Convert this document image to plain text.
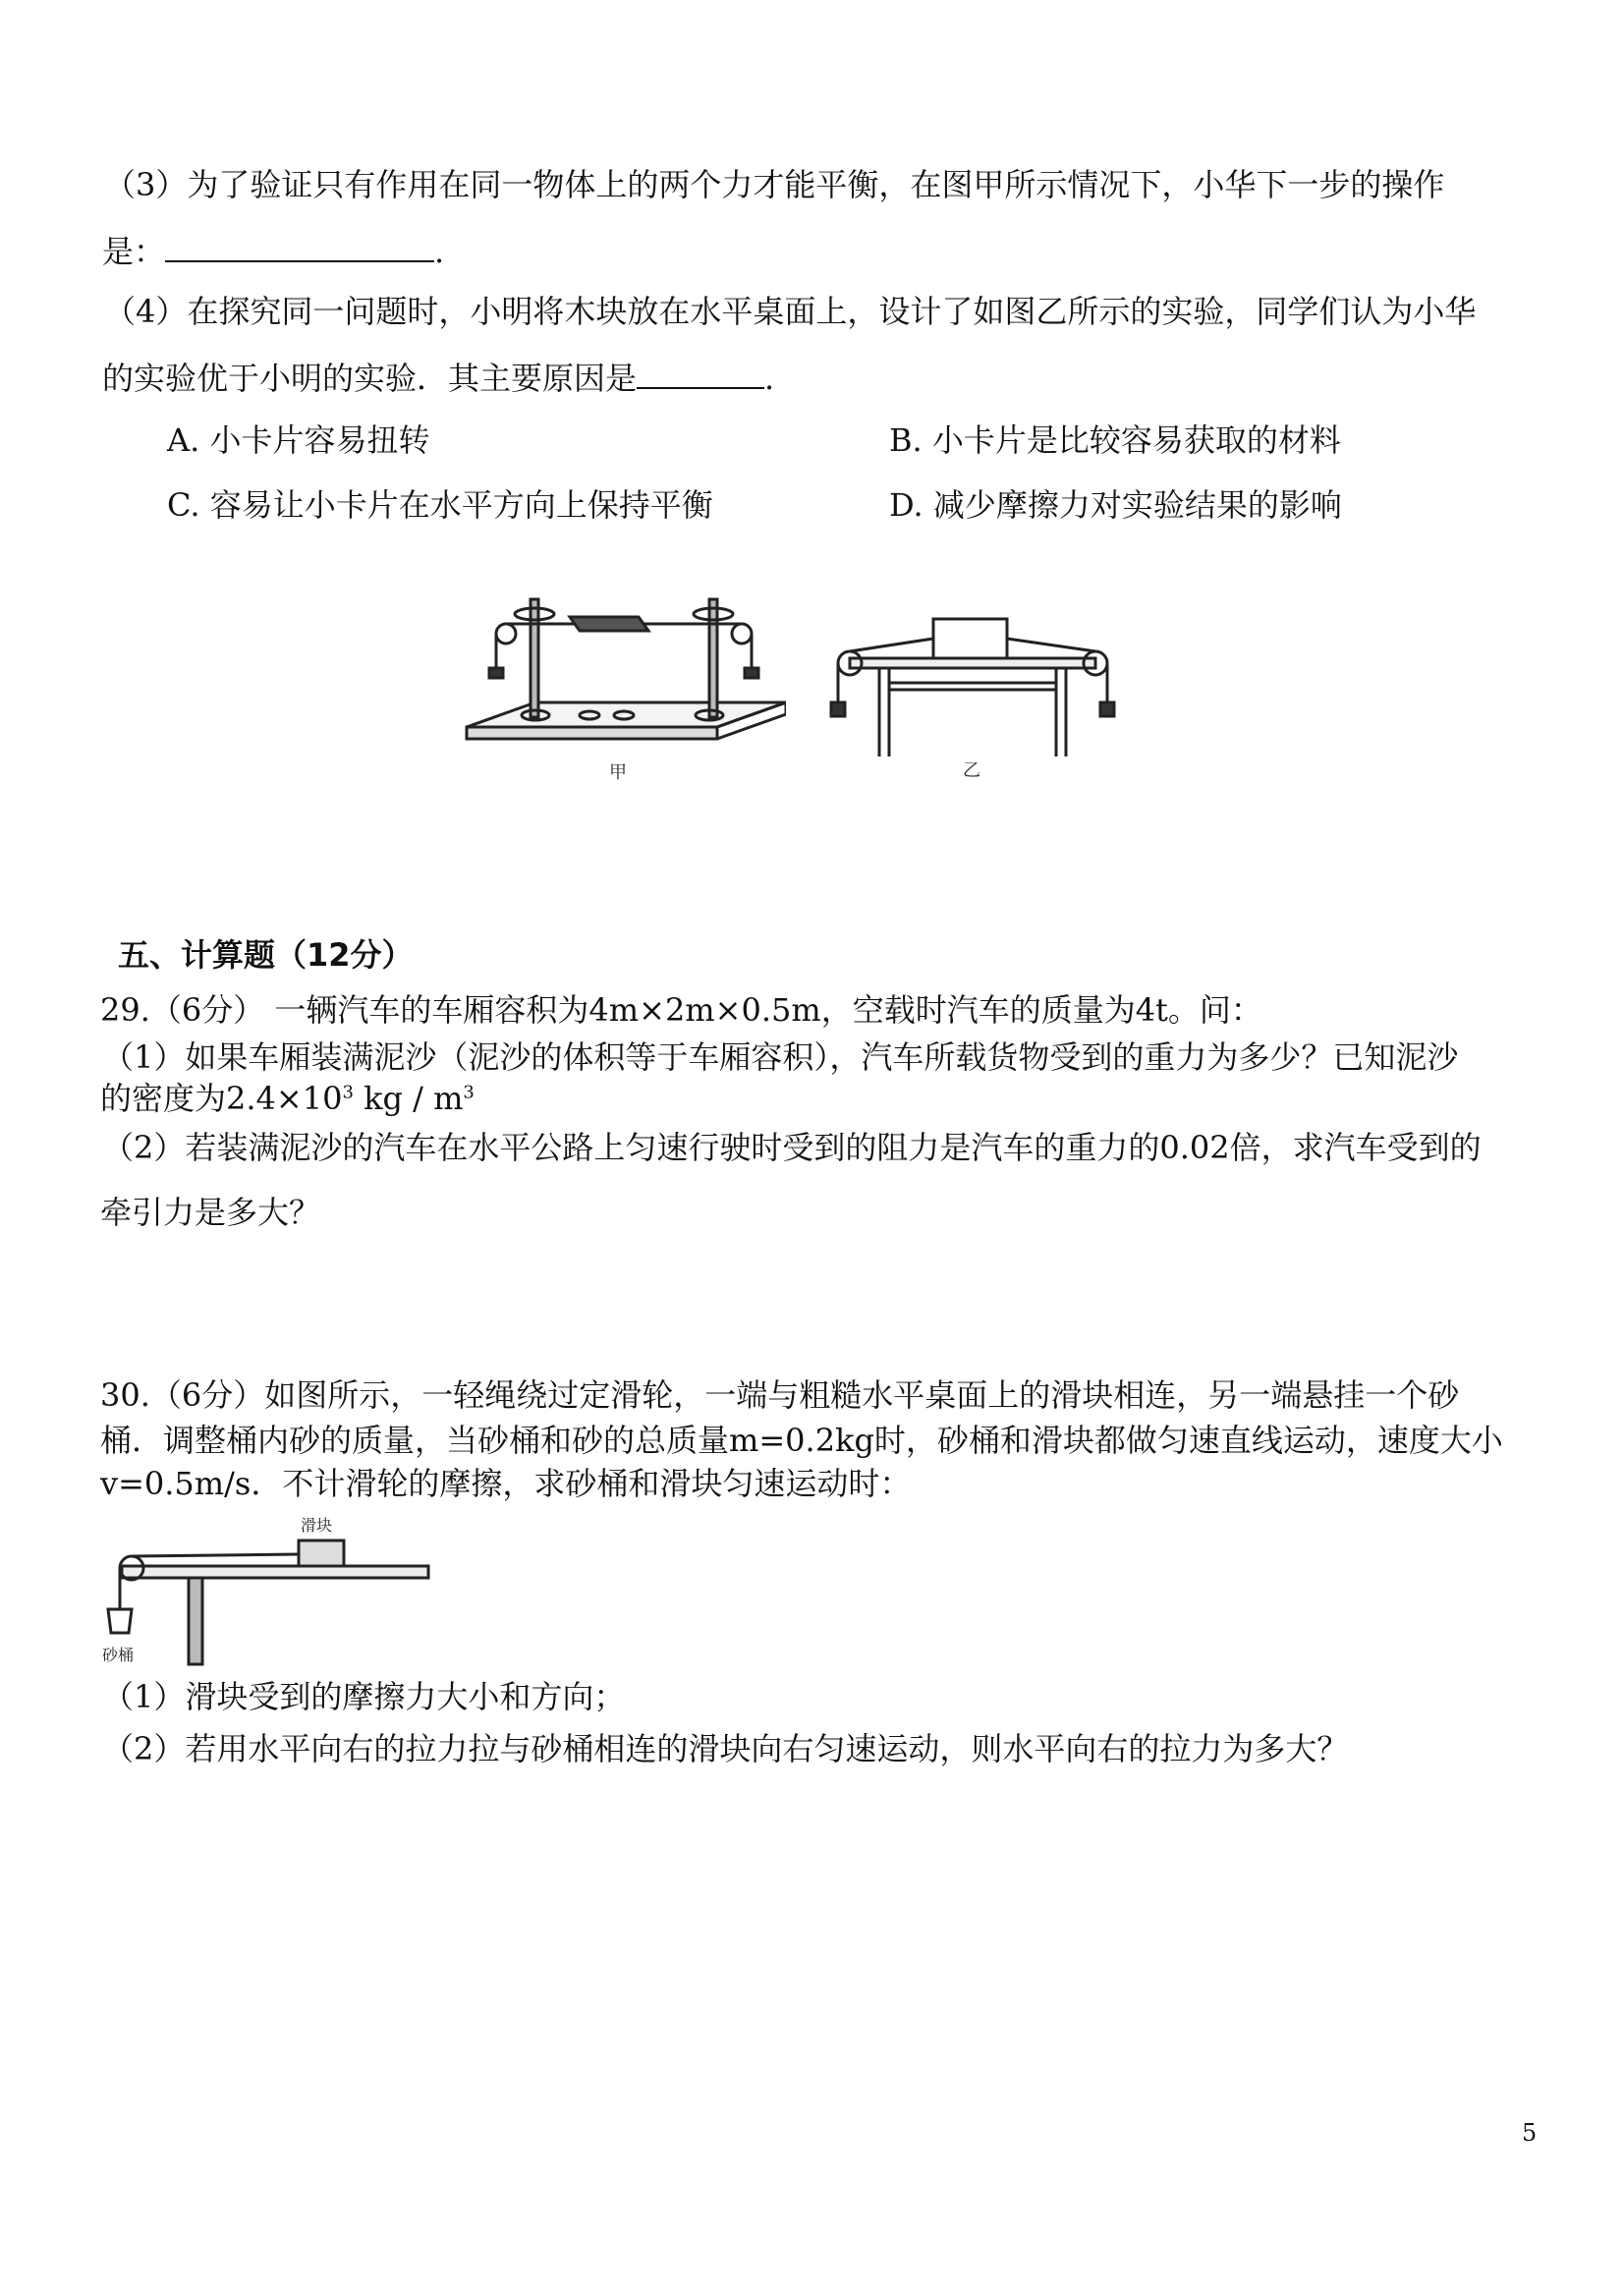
（3）为了验证只有作用在同一物体上的两个力才能平衡，在图甲所示情况下，小华下一步的操作
是：	.
（4）在探究同一问题时，小明将木块放在水平桌面上，设计了如图乙所示的实验，同学们认为小华
的实验优于小明的实验．其主要原因是	.
A. 小卡片容易扭转	B. 小卡片是比较容易获取的材料
C. 容易让小卡片在水平方向上保持平衡	D. 减少摩擦力对实验结果的影响
甲	乙
五、计算题（12分）
29.（6分） 一辆汽车的车厢容积为4m×2m×0.5m，空载时汽车的质量为4t。问：
（1）如果车厢装满泥沙（泥沙的体积等于车厢容积），汽车所载货物受到的重力为多少？已知泥沙
的密度为$2.4\times 10^3$ kg / $m^3$
（2）若装满泥沙的汽车在水平公路上匀速行驶时受到的阻力是汽车的重力的0.02倍，求汽车受到的
牵引力是多大？
30.（6分）如图所示，一轻绳绕过定滑轮，一端与粗糙水平桌面上的滑块相连，另一端悬挂一个砂
桶．调整桶内砂的质量，当砂桶和砂的总质量m=0.2kg时，砂桶和滑块都做匀速直线运动，速度大小
v=0.5m/s．不计滑轮的摩擦，求砂桶和滑块匀速运动时：
滑块
砂桶
（1）滑块受到的摩擦力大小和方向；
（2）若用水平向右的拉力拉与砂桶相连的滑块向右匀速运动，则水平向右的拉力为多大？
5
